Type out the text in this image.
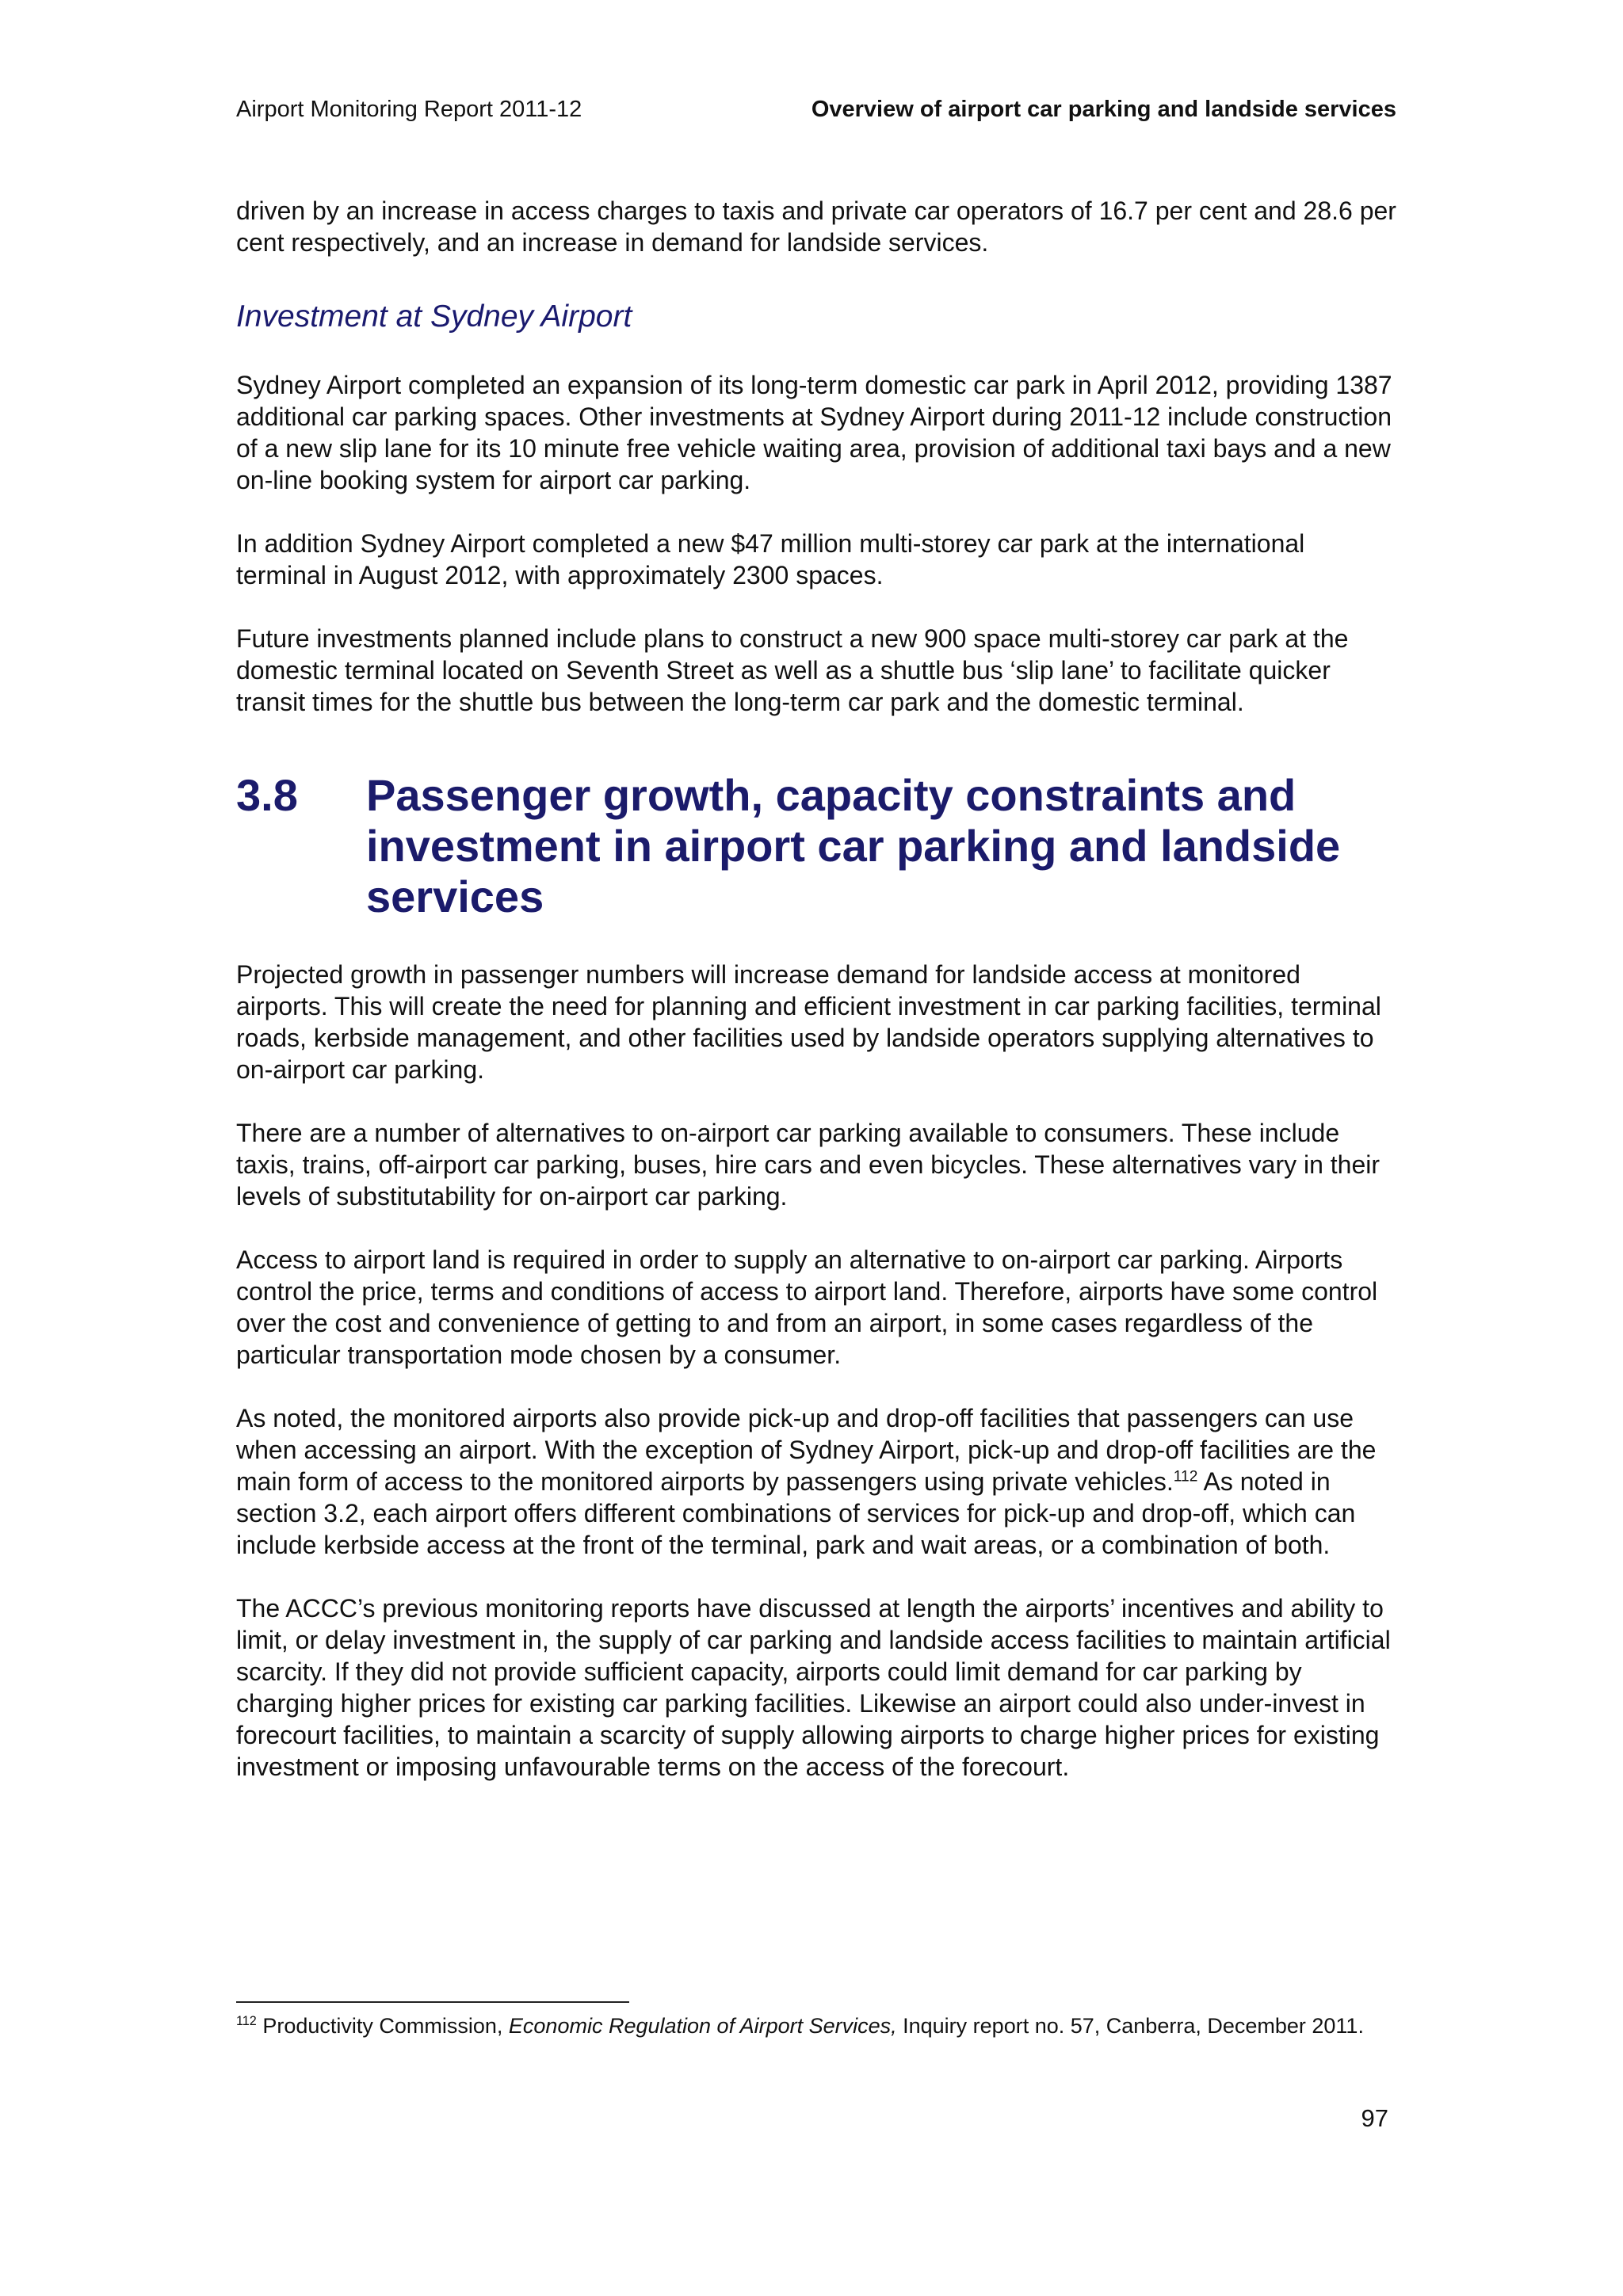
Airport Monitoring Report 2011-12	Overview of airport car parking and landside services

driven by an increase in access charges to taxis and private car operators of 16.7 per cent and 28.6 per cent respectively, and an increase in demand for landside services.

Investment at Sydney Airport

Sydney Airport completed an expansion of its long-term domestic car park in April 2012, providing 1387 additional car parking spaces. Other investments at Sydney Airport during 2011-12 include construction of a new slip lane for its 10 minute free vehicle waiting area, provision of additional taxi bays and a new on-line booking system for airport car parking.

In addition Sydney Airport completed a new $47 million multi-storey car park at the international terminal in August 2012, with approximately 2300 spaces.

Future investments planned include plans to construct a new 900 space multi-storey car park at the domestic terminal located on Seventh Street as well as a shuttle bus ‘slip lane’ to facilitate quicker transit times for the shuttle bus between the long-term car park and the domestic terminal.

3.8	Passenger growth, capacity constraints and investment in airport car parking and landside services

Projected growth in passenger numbers will increase demand for landside access at monitored airports. This will create the need for planning and efficient investment in car parking facilities, terminal roads, kerbside management, and other facilities used by landside operators supplying alternatives to on-airport car parking.

There are a number of alternatives to on-airport car parking available to consumers. These include taxis, trains, off-airport car parking, buses, hire cars and even bicycles. These alternatives vary in their levels of substitutability for on-airport car parking.

Access to airport land is required in order to supply an alternative to on-airport car parking. Airports control the price, terms and conditions of access to airport land. Therefore, airports have some control over the cost and convenience of getting to and from an airport, in some cases regardless of the particular transportation mode chosen by a consumer.

As noted, the monitored airports also provide pick-up and drop-off facilities that passengers can use when accessing an airport. With the exception of Sydney Airport, pick-up and drop-off facilities are the main form of access to the monitored airports by passengers using private vehicles.$^{112}$ As noted in section 3.2, each airport offers different combinations of services for pick-up and drop-off, which can include kerbside access at the front of the terminal, park and wait areas, or a combination of both.

The ACCC’s previous monitoring reports have discussed at length the airports’ incentives and ability to limit, or delay investment in, the supply of car parking and landside access facilities to maintain artificial scarcity. If they did not provide sufficient capacity, airports could limit demand for car parking by charging higher prices for existing car parking facilities. Likewise an airport could also under-invest in forecourt facilities, to maintain a scarcity of supply allowing airports to charge higher prices for existing investment or imposing unfavourable terms on the access of the forecourt.

$^{112}$ Productivity Commission, Economic Regulation of Airport Services, Inquiry report no. 57, Canberra, December 2011.
97
